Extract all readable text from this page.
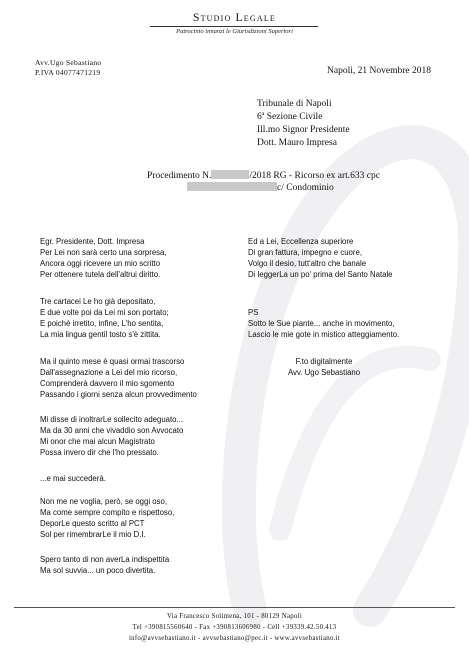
Studio Legale
Patrocinio innanzi le Giurisdizioni Superiori
Avv.Ugo Sebastiano
P.IVA 04077471219	Napoli, 21 Novembre 2018
Tribunale di Napoli
6ª Sezione Civile
Ill.mo Signor Presidente
Dott. Mauro Impresa
Procedimento N.	/2018 RG - Ricorso ex art.633 cpc
c/ Condominio
Egr. Presidente, Dott. Impresa
Per Lei non sarà certo una sorpresa,
Ancora oggi ricevere un mio scritto
Per ottenere tutela dell'altrui diritto.
Tre cartacei Le ho già depositato,
E due volte poi da Lei mi son portato;
E poiché irretito, infine, L'ho sentita,
La mia lingua gentil tosto s'è zittita.
Ma il quinto mese è quasi ormai trascorso
Dall'assegnazione a Lei del mio ricorso,
Comprenderà davvero il mio sgomento
Passando i giorni senza alcun provvedimento
Mi disse di inoltrarLe sollecito adeguato...
Ma da 30 anni che vivaddio son Avvocato
Mi onor che mai alcun Magistrato
Possa invero dir che l'ho pressato.
...e mai succederà.
Non me ne voglia, però, se oggi oso,
Ma come sempre compito e rispettoso,
DeporLe questo scritto al PCT
Sol per rimembrarLe il mio D.I.
Spero tanto di non averLa indispettita
Ma sol suvvia... un poco divertita.
Ed a Lei, Eccellenza superiore
Di gran fattura, impegno e cuore,
Volgo il desio, tutt'altro che banale
Di leggerLa un po' prima del Santo Natale
PS
Sotto le Sue piante... anche in movimento,
Lascio le mie gote in mistico atteggiamento.
F.to digitalmente
Avv. Ugo Sebastiano
Via Francesco Solimena, 101 - 80129 Napoli
Tel +390815560640 - Fax +390813606980 - Cell +39339.42.50.413
info@avvsebastiano.it - avvsebastiano@pec.it - www.avvsebastiano.it
